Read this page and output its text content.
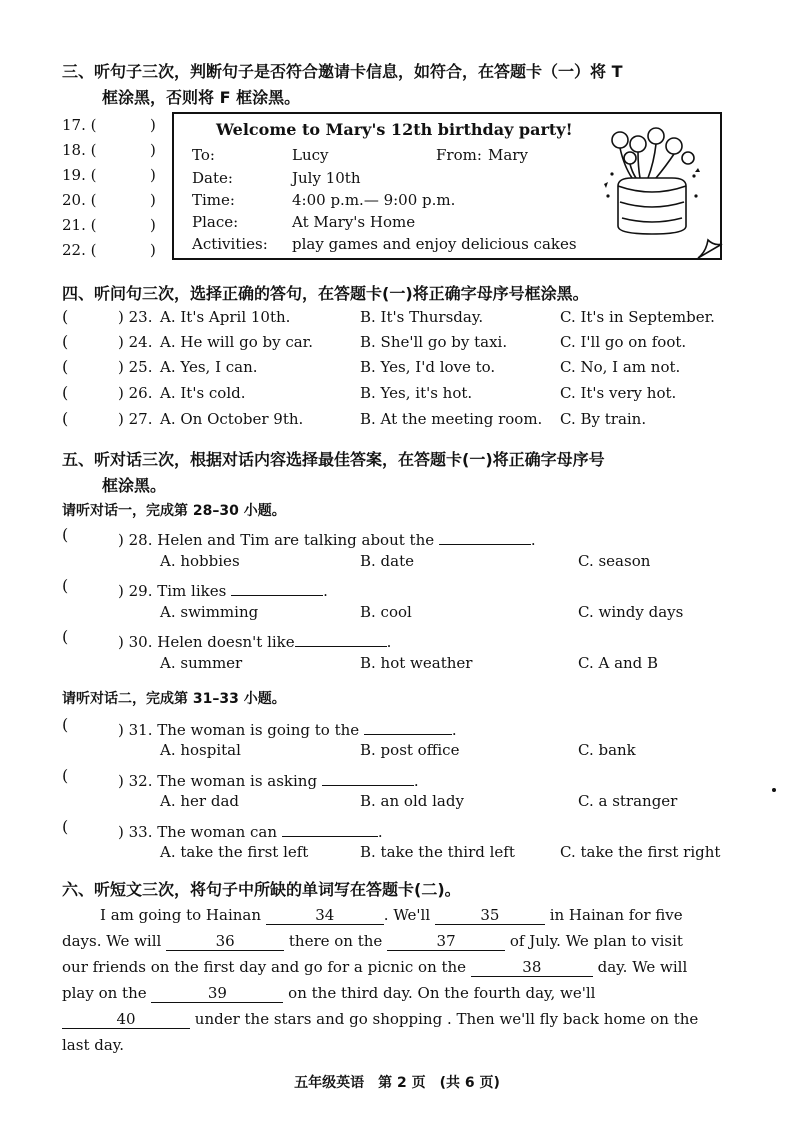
三、听句子三次，判断句子是否符合邀请卡信息，如符合，在答题卡（一）将 T
框涂黑，否则将 F 框涂黑。
17. (	)
18. (	)
19. (	)
20. (	)
21. (	)
22. (	)
Welcome to Mary's 12th birthday party!
To:	Lucy	From: Mary
Date:	July 10th
Time:	4:00 p.m.— 9:00 p.m.
Place:	At Mary's Home
Activities: play games and enjoy delicious cakes
四、听问句三次，选择正确的答句，在答题卡(一)将正确字母序号框涂黑。
(	) 23. A. It's April 10th.	B. It's Thursday.	C. It's in September.
(	) 24. A. He will go by car.	B. She'll go by taxi.	C. I'll go on foot.
(	) 25. A. Yes, I can.	B. Yes, I'd love to.	C. No, I am not.
(	) 26. A. It's cold.	B. Yes, it's hot.	C. It's very hot.
(	) 27. A. On October 9th.	B. At the meeting room. C. By train.
五、听对话三次，根据对话内容选择最佳答案，在答题卡(一)将正确字母序号
框涂黑。
请听对话一，完成第 28–30 小题。
(	) 28. Helen and Tim are talking about the	.
A. hobbies	B. date	C. season
(	) 29. Tim likes	.
A. swimming	B. cool	C. windy days
(	) 30. Helen doesn't like	.
A. summer	B. hot weather	C. A and B
请听对话二，完成第 31–33 小题。
(	) 31. The woman is going to the	.
A. hospital	B. post office	C. bank
(	) 32. The woman is asking	.
A. her dad	B. an old lady	C. a stranger
(	) 33. The woman can	.
A. take the first left	B. take the third left	C. take the first right
六、听短文三次，将句子中所缺的单词写在答题卡(二)。
I am going to Hainan	34	. We'll	35	in Hainan for five
days. We will	36	there on the	37	of July. We plan to visit
our friends on the first day and go for a picnic on the	38	day. We will
play on the	39	on the third day. On the fourth day, we'll
40	under the stars and go shopping . Then we'll fly back home on the
last day.
五年级英语　第 2 页　(共 6 页)
